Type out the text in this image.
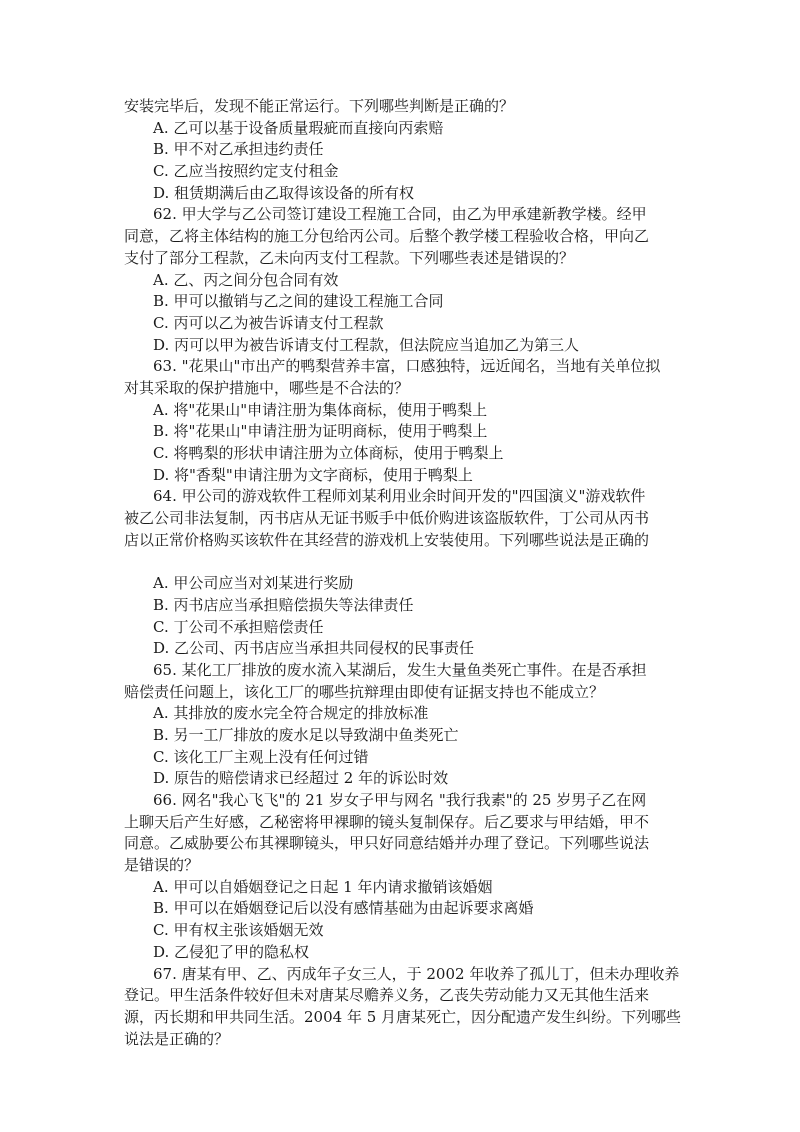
安装完毕后，发现不能正常运行。下列哪些判断是正确的？
A. 乙可以基于设备质量瑕疵而直接向丙索赔
B. 甲不对乙承担违约责任
C. 乙应当按照约定支付租金
D. 租赁期满后由乙取得该设备的所有权
62. 甲大学与乙公司签订建设工程施工合同，由乙为甲承建新教学楼。经甲
同意，乙将主体结构的施工分包给丙公司。后整个教学楼工程验收合格，甲向乙
支付了部分工程款，乙未向丙支付工程款。下列哪些表述是错误的？
A. 乙、丙之间分包合同有效
B. 甲可以撤销与乙之间的建设工程施工合同
C. 丙可以乙为被告诉请支付工程款
D. 丙可以甲为被告诉请支付工程款，但法院应当追加乙为第三人
63. "花果山"市出产的鸭梨营养丰富，口感独特，远近闻名，当地有关单位拟
对其采取的保护措施中，哪些是不合法的？
A. 将"花果山"申请注册为集体商标，使用于鸭梨上
B. 将"花果山"申请注册为证明商标，使用于鸭梨上
C. 将鸭梨的形状申请注册为立体商标，使用于鸭梨上
D. 将"香梨"申请注册为文字商标，使用于鸭梨上
64. 甲公司的游戏软件工程师刘某利用业余时间开发的"四国演义"游戏软件
被乙公司非法复制，丙书店从无证书贩手中低价购进该盗版软件，丁公司从丙书
店以正常价格购买该软件在其经营的游戏机上安装使用。下列哪些说法是正确的
A. 甲公司应当对刘某进行奖励
B. 丙书店应当承担赔偿损失等法律责任
C. 丁公司不承担赔偿责任
D. 乙公司、丙书店应当承担共同侵权的民事责任
65. 某化工厂排放的废水流入某湖后，发生大量鱼类死亡事件。在是否承担
赔偿责任问题上，该化工厂的哪些抗辩理由即使有证据支持也不能成立？
A. 其排放的废水完全符合规定的排放标准
B. 另一工厂排放的废水足以导致湖中鱼类死亡
C. 该化工厂主观上没有任何过错
D. 原告的赔偿请求已经超过 2 年的诉讼时效
66. 网名"我心飞飞"的 21 岁女子甲与网名 "我行我素"的 25 岁男子乙在网
上聊天后产生好感，乙秘密将甲裸聊的镜头复制保存。后乙要求与甲结婚，甲不
同意。乙威胁要公布其裸聊镜头，甲只好同意结婚并办理了登记。下列哪些说法
是错误的？
A. 甲可以自婚姻登记之日起 1 年内请求撤销该婚姻
B. 甲可以在婚姻登记后以没有感情基础为由起诉要求离婚
C. 甲有权主张该婚姻无效
D. 乙侵犯了甲的隐私权
67. 唐某有甲、乙、丙成年子女三人，于 2002 年收养了孤儿丁，但未办理收养
登记。甲生活条件较好但未对唐某尽赡养义务，乙丧失劳动能力又无其他生活来
源，丙长期和甲共同生活。2004 年 5 月唐某死亡，因分配遗产发生纠纷。下列哪些
说法是正确的？
